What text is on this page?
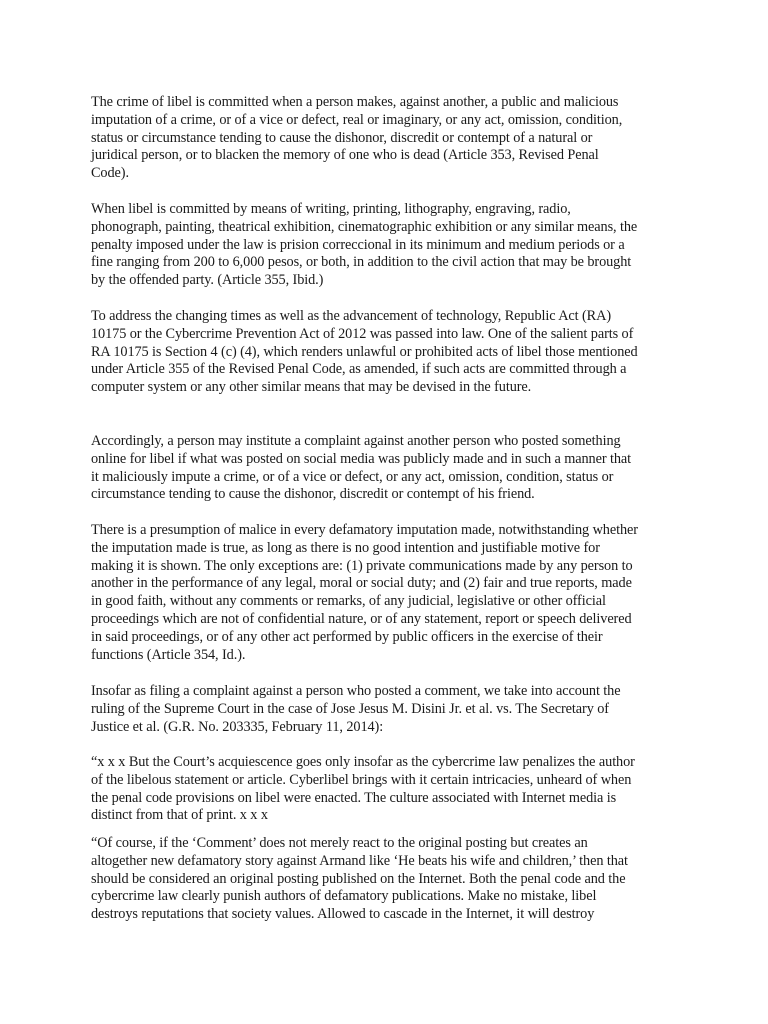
The crime of libel is committed when a person makes, against another, a public and malicious
imputation of a crime, or of a vice or defect, real or imaginary, or any act, omission, condition,
status or circumstance tending to cause the dishonor, discredit or contempt of a natural or
juridical person, or to blacken the memory of one who is dead (Article 353, Revised Penal
Code).

When libel is committed by means of writing, printing, lithography, engraving, radio,
phonograph, painting, theatrical exhibition, cinematographic exhibition or any similar means, the
penalty imposed under the law is prision correccional in its minimum and medium periods or a
fine ranging from 200 to 6,000 pesos, or both, in addition to the civil action that may be brought
by the offended party. (Article 355, Ibid.)

To address the changing times as well as the advancement of technology, Republic Act (RA)
10175 or the Cybercrime Prevention Act of 2012 was passed into law. One of the salient parts of
RA 10175 is Section 4 (c) (4), which renders unlawful or prohibited acts of libel those mentioned
under Article 355 of the Revised Penal Code, as amended, if such acts are committed through a
computer system or any other similar means that may be devised in the future.

Accordingly, a person may institute a complaint against another person who posted something
online for libel if what was posted on social media was publicly made and in such a manner that
it maliciously impute a crime, or of a vice or defect, or any act, omission, condition, status or
circumstance tending to cause the dishonor, discredit or contempt of his friend.

There is a presumption of malice in every defamatory imputation made, notwithstanding whether
the imputation made is true, as long as there is no good intention and justifiable motive for
making it is shown. The only exceptions are: (1) private communications made by any person to
another in the performance of any legal, moral or social duty; and (2) fair and true reports, made
in good faith, without any comments or remarks, of any judicial, legislative or other official
proceedings which are not of confidential nature, or of any statement, report or speech delivered
in said proceedings, or of any other act performed by public officers in the exercise of their
functions (Article 354, Id.).

Insofar as filing a complaint against a person who posted a comment, we take into account the
ruling of the Supreme Court in the case of Jose Jesus M. Disini Jr. et al. vs. The Secretary of
Justice et al. (G.R. No. 203335, February 11, 2014):

“x x x But the Court’s acquiescence goes only insofar as the cybercrime law penalizes the author
of the libelous statement or article. Cyberlibel brings with it certain intricacies, unheard of when
the penal code provisions on libel were enacted. The culture associated with Internet media is
distinct from that of print. x x x

“Of course, if the ‘Comment’ does not merely react to the original posting but creates an
altogether new defamatory story against Armand like ‘He beats his wife and children,’ then that
should be considered an original posting published on the Internet. Both the penal code and the
cybercrime law clearly punish authors of defamatory publications. Make no mistake, libel
destroys reputations that society values. Allowed to cascade in the Internet, it will destroy
